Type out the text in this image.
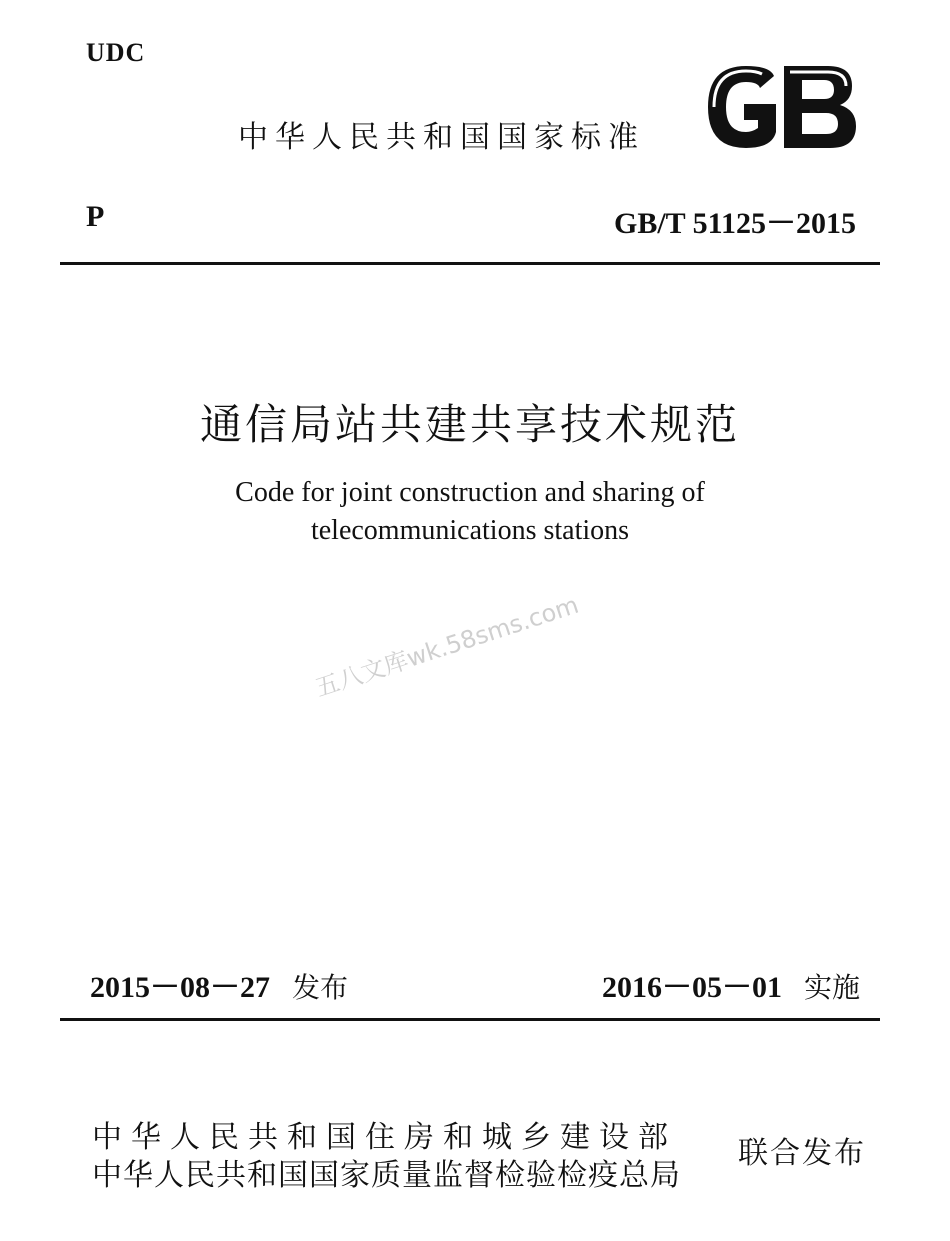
UDC
中华人民共和国国家标准
P	GB/T 51125－2015
通信局站共建共享技术规范
Code for joint construction and sharing of
telecommunications stations
五八文库wk.58sms.com
2015－08－27 发布	2016－05－01 实施
中华人民共和国住房和城乡建设部
中华人民共和国国家质量监督检验检疫总局
联合发布
